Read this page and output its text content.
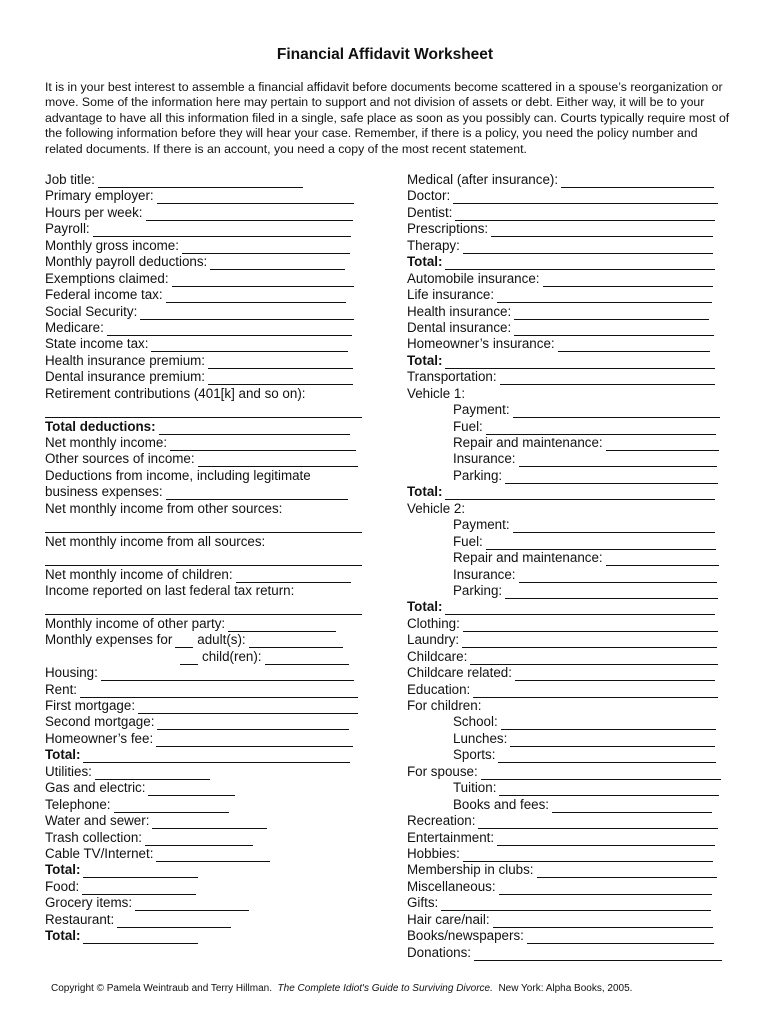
Financial Affidavit Worksheet

It is in your best interest to assemble a financial affidavit before documents become scattered in a spouse’s reorganization or move. Some of the information here may pertain to support and not division of assets or debt. Either way, it will be to your advantage to have all this information filed in a single, safe place as soon as you possibly can. Courts typically require most of the following information before they will hear your case. Remember, if there is a policy, you need the policy number and related documents. If there is an account, you need a copy of the most recent statement.

Job title:
Primary employer:
Hours per week:
Payroll:
Monthly gross income:
Monthly payroll deductions:
Exemptions claimed:
Federal income tax:
Social Security:
Medicare:
State income tax:
Health insurance premium:
Dental insurance premium:
Retirement contributions (401[k] and so on):
Total deductions:
Net monthly income:
Other sources of income:
Deductions from income, including legitimate
business expenses:
Net monthly income from other sources:
Net monthly income from all sources:
Net monthly income of children:
Income reported on last federal tax return:
Monthly income of other party:
Monthly expenses for adult(s):
child(ren):
Housing:
Rent:
First mortgage:
Second mortgage:
Homeowner’s fee:
Total:
Utilities:
Gas and electric:
Telephone:
Water and sewer:
Trash collection:
Cable TV/Internet:
Total:
Food:
Grocery items:
Restaurant:
Total:
Medical (after insurance):
Doctor:
Dentist:
Prescriptions:
Therapy:
Total:
Automobile insurance:
Life insurance:
Health insurance:
Dental insurance:
Homeowner’s insurance:
Total:
Transportation:
Vehicle 1:
Payment:
Fuel:
Repair and maintenance:
Insurance:
Parking:
Total:
Vehicle 2:
Payment:
Fuel:
Repair and maintenance:
Insurance:
Parking:
Total:
Clothing:
Laundry:
Childcare:
Childcare related:
Education:
For children:
School:
Lunches:
Sports:
For spouse:
Tuition:
Books and fees:
Recreation:
Entertainment:
Hobbies:
Membership in clubs:
Miscellaneous:
Gifts:
Hair care/nail:
Books/newspapers:
Donations:

Copyright © Pamela Weintraub and Terry Hillman. The Complete Idiot's Guide to Surviving Divorce. New York: Alpha Books, 2005.
